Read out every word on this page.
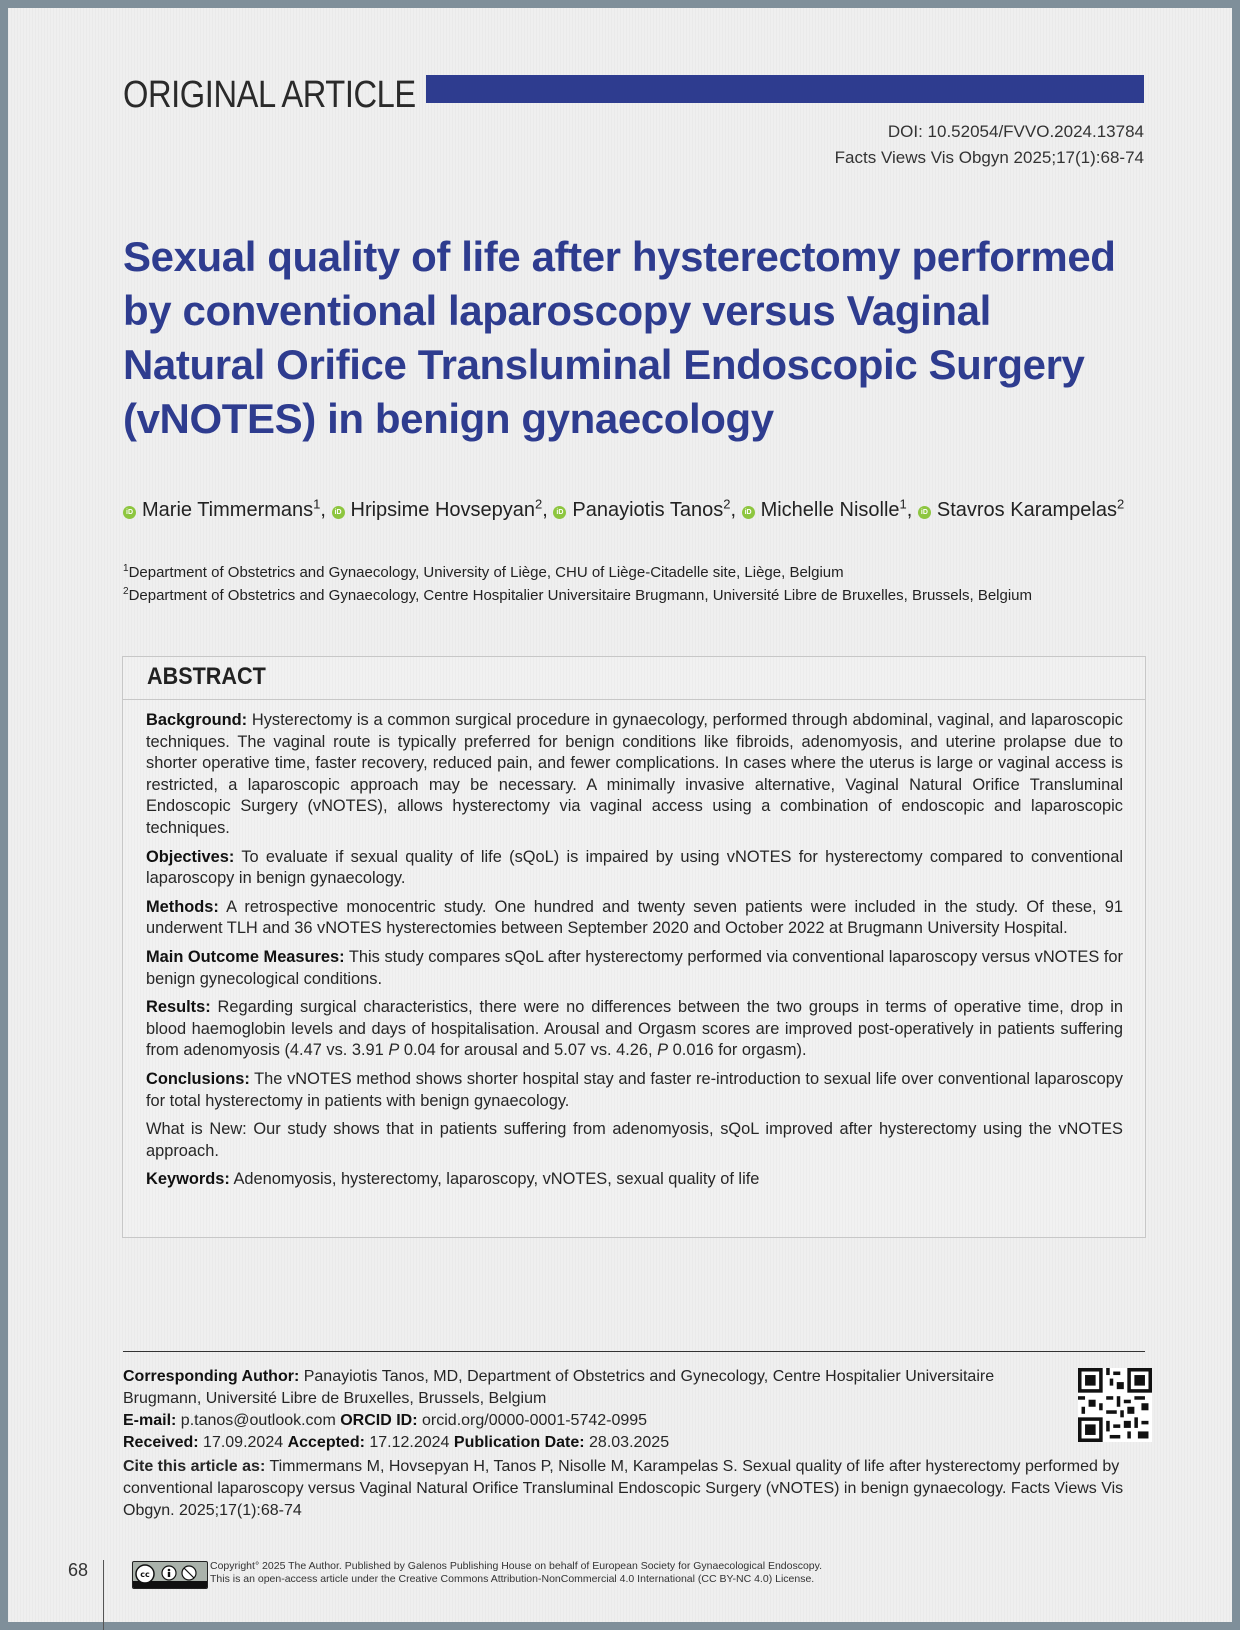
ORIGINAL ARTICLE
DOI: 10.52054/FVVO.2024.13784
Facts Views Vis Obgyn 2025;17(1):68-74
Sexual quality of life after hysterectomy performed by conventional laparoscopy versus Vaginal Natural Orifice Transluminal Endoscopic Surgery (vNOTES) in benign gynaecology
iD Marie Timmermans$^1$, iD Hripsime Hovsepyan$^2$, iD Panayiotis Tanos$^2$, iD Michelle Nisolle$^1$, iD Stavros Karampelas$^2$
$^1$Department of Obstetrics and Gynaecology, University of Liège, CHU of Liège-Citadelle site, Liège, Belgium
$^2$Department of Obstetrics and Gynaecology, Centre Hospitalier Universitaire Brugmann, Université Libre de Bruxelles, Brussels, Belgium
ABSTRACT

Background: Hysterectomy is a common surgical procedure in gynaecology, performed through abdominal, vaginal, and laparoscopic techniques. The vaginal route is typically preferred for benign conditions like fibroids, adenomyosis, and uterine prolapse due to shorter operative time, faster recovery, reduced pain, and fewer complications. In cases where the uterus is large or vaginal access is restricted, a laparoscopic approach may be necessary. A minimally invasive alternative, Vaginal Natural Orifice Transluminal Endoscopic Surgery (vNOTES), allows hysterectomy via vaginal access using a combination of endoscopic and laparoscopic techniques.

Objectives: To evaluate if sexual quality of life (sQoL) is impaired by using vNOTES for hysterectomy compared to conventional laparoscopy in benign gynaecology.

Methods: A retrospective monocentric study. One hundred and twenty seven patients were included in the study. Of these, 91 underwent TLH and 36 vNOTES hysterectomies between September 2020 and October 2022 at Brugmann University Hospital.

Main Outcome Measures: This study compares sQoL after hysterectomy performed via conventional laparoscopy versus vNOTES for benign gynecological conditions.

Results: Regarding surgical characteristics, there were no differences between the two groups in terms of operative time, drop in blood haemoglobin levels and days of hospitalisation. Arousal and Orgasm scores are improved post-operatively in patients suffering from adenomyosis (4.47 vs. 3.91 P 0.04 for arousal and 5.07 vs. 4.26, P 0.016 for orgasm).

Conclusions: The vNOTES method shows shorter hospital stay and faster re-introduction to sexual life over conventional laparoscopy for total hysterectomy in patients with benign gynaecology.

What is New: Our study shows that in patients suffering from adenomyosis, sQoL improved after hysterectomy using the vNOTES approach.

Keywords: Adenomyosis, hysterectomy, laparoscopy, vNOTES, sexual quality of life

Corresponding Author: Panayiotis Tanos, MD, Department of Obstetrics and Gynecology, Centre Hospitalier Universitaire Brugmann, Université Libre de Bruxelles, Brussels, Belgium
E-mail: p.tanos@outlook.com ORCID ID: orcid.org/0000-0001-5742-0995
Received: 17.09.2024 Accepted: 17.12.2024 Publication Date: 28.03.2025
Cite this article as: Timmermans M, Hovsepyan H, Tanos P, Nisolle M, Karampelas S. Sexual quality of life after hysterectomy performed by conventional laparoscopy versus Vaginal Natural Orifice Transluminal Endoscopic Surgery (vNOTES) in benign gynaecology. Facts Views Vis Obgyn. 2025;17(1):68-74
68	cc
Copyright° 2025 The Author. Published by Galenos Publishing House on behalf of European Society for Gynaecological Endoscopy.
This is an open-access article under the Creative Commons Attribution-NonCommercial 4.0 International (CC BY-NC 4.0) License.
